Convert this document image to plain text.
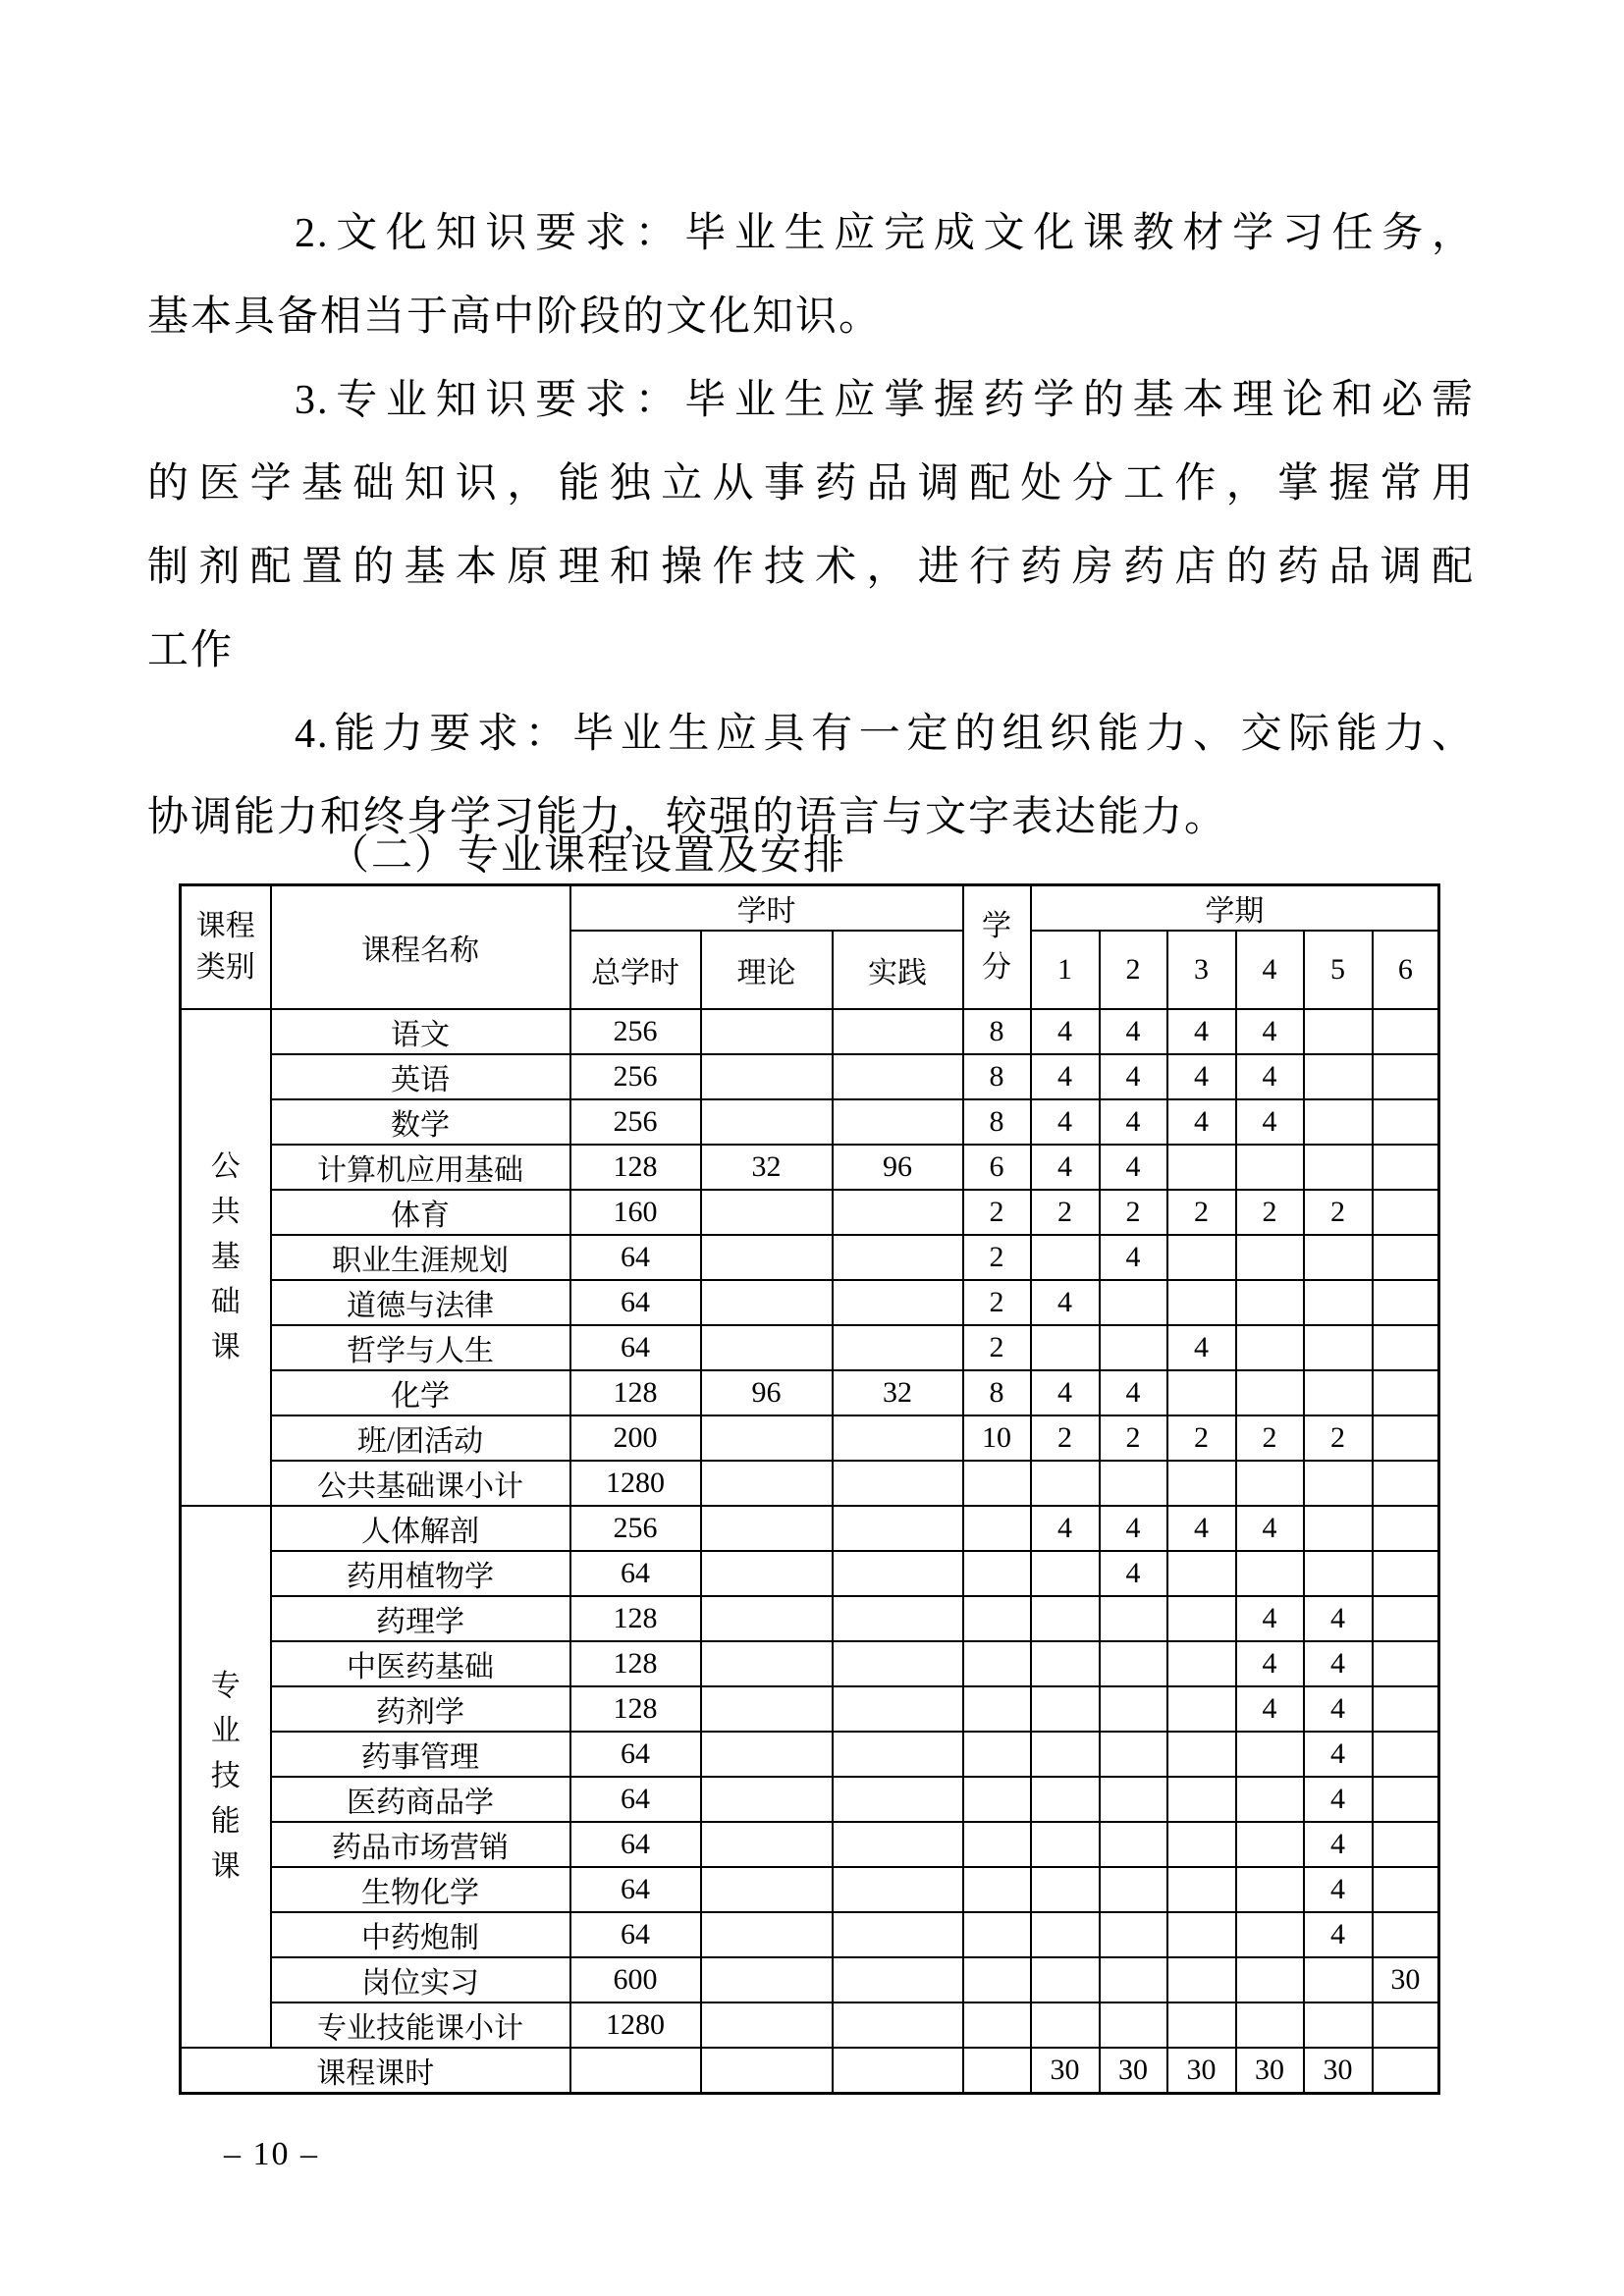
2.文化知识要求：毕业生应完成文化课教材学习任务，
基本具备相当于高中阶段的文化知识。
3.专业知识要求：毕业生应掌握药学的基本理论和必需
的医学基础知识，能独立从事药品调配处分工作，掌握常用
制剂配置的基本原理和操作技术，进行药房药店的药品调配
工作
4.能力要求：毕业生应具有一定的组织能力、交际能力、
协调能力和终身学习能力，较强的语言与文字表达能力。
（二）专业课程设置及安排
课程类别	课程名称	学时			学分	学期					
		总学时	理论	实践		1	2	3	4	5	6

公
共
基
础
课	语文	256			8	4	4	4	4		
	英语	256			8	4	4	4	4		
	数学	256			8	4	4	4	4		
	计算机应用基础	128	32	96	6	4	4				
	体育	160			2	2	2	2	2	2	
	职业生涯规划	64			2		4				
	道德与法律	64			2	4					
	哲学与人生	64			2			4			
	化学	128	96	32	8	4	4				
	班/团活动	200			10	2	2	2	2	2	
	公共基础课小计	1280									

专
业
技
能
课	人体解剖	256				4	4	4	4		
	药用植物学	64					4				
	药理学	128							4	4	
	中医药基础	128							4	4	
	药剂学	128							4	4	
	药事管理	64								4	
	医药商品学	64								4	
	药品市场营销	64								4	
	生物化学	64								4	
	中药炮制	64								4	
	岗位实习	600									30
	专业技能课小计	1280									
课程课时						30	30	30	30	30	
– 10 –
